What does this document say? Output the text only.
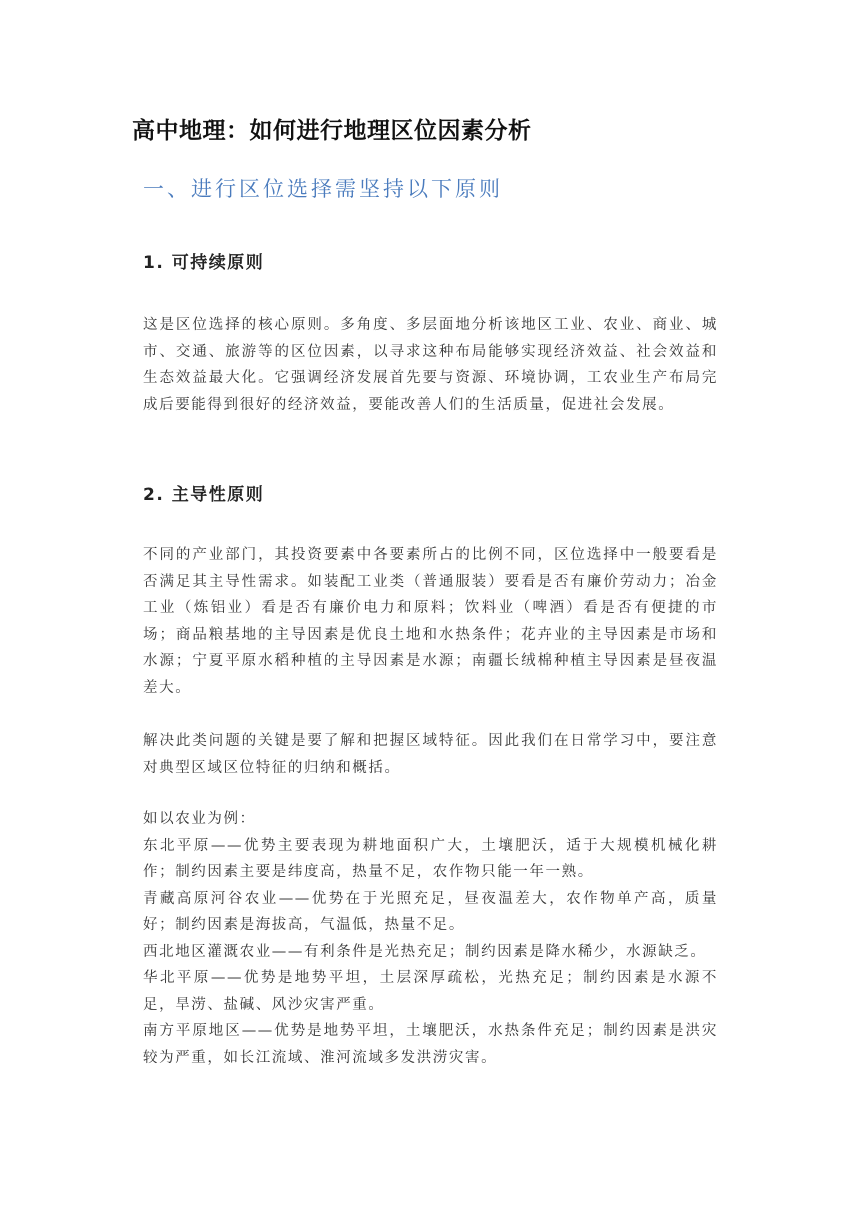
高中地理：如何进行地理区位因素分析
一、进行区位选择需坚持以下原则
1. 可持续原则

这是区位选择的核心原则。多角度、多层面地分析该地区工业、农业、商业、城市、交通、旅游等的区位因素，以寻求这种布局能够实现经济效益、社会效益和生态效益最大化。它强调经济发展首先要与资源、环境协调，工农业生产布局完成后要能得到很好的经济效益，要能改善人们的生活质量，促进社会发展。

2. 主导性原则

不同的产业部门，其投资要素中各要素所占的比例不同，区位选择中一般要看是否满足其主导性需求。如装配工业类（普通服装）要看是否有廉价劳动力；冶金工业（炼铝业）看是否有廉价电力和原料；饮料业（啤酒）看是否有便捷的市场；商品粮基地的主导因素是优良土地和水热条件；花卉业的主导因素是市场和水源；宁夏平原水稻种植的主导因素是水源；南疆长绒棉种植主导因素是昼夜温差大。

解决此类问题的关键是要了解和把握区域特征。因此我们在日常学习中，要注意对典型区域区位特征的归纳和概括。

如以农业为例：
东北平原——优势主要表现为耕地面积广大，土壤肥沃，适于大规模机械化耕作；制约因素主要是纬度高，热量不足，农作物只能一年一熟。
青藏高原河谷农业——优势在于光照充足，昼夜温差大，农作物单产高，质量好；制约因素是海拔高，气温低，热量不足。
西北地区灌溉农业——有利条件是光热充足；制约因素是降水稀少，水源缺乏。
华北平原——优势是地势平坦，土层深厚疏松，光热充足；制约因素是水源不足，旱涝、盐碱、风沙灾害严重。
南方平原地区——优势是地势平坦，土壤肥沃，水热条件充足；制约因素是洪灾较为严重，如长江流域、淮河流域多发洪涝灾害。
